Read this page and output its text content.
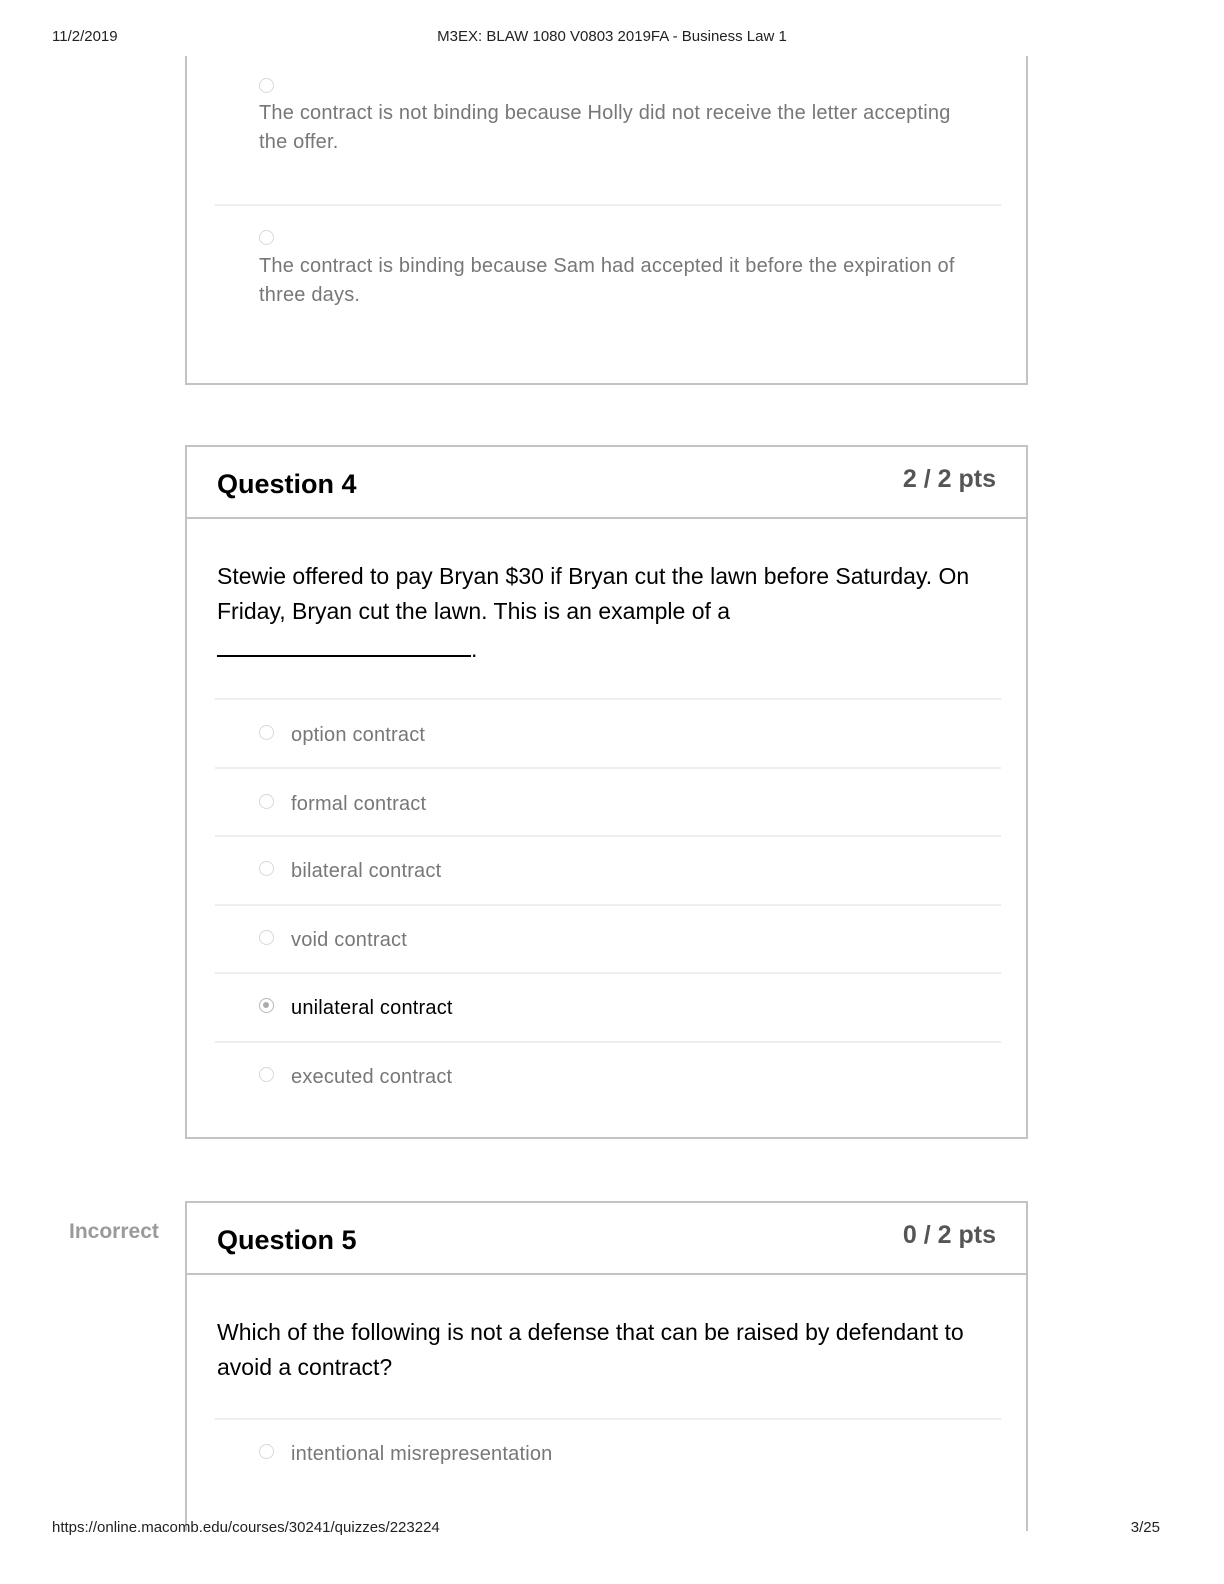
11/2/2019	M3EX: BLAW 1080 V0803 2019FA - Business Law 1
The contract is not binding because Holly did not receive the letter accepting the offer.
The contract is binding because Sam had accepted it before the expiration of three days.
Question 4	2 / 2 pts
Stewie offered to pay Bryan $30 if Bryan cut the lawn before Saturday. On Friday, Bryan cut the lawn. This is an example of a
.
option contract
formal contract
bilateral contract
void contract
unilateral contract
executed contract
Incorrect Question 5	0 / 2 pts
Which of the following is not a defense that can be raised by defendant to avoid a contract?
intentional misrepresentation
https://online.macomb.edu/courses/30241/quizzes/223224	3/25
